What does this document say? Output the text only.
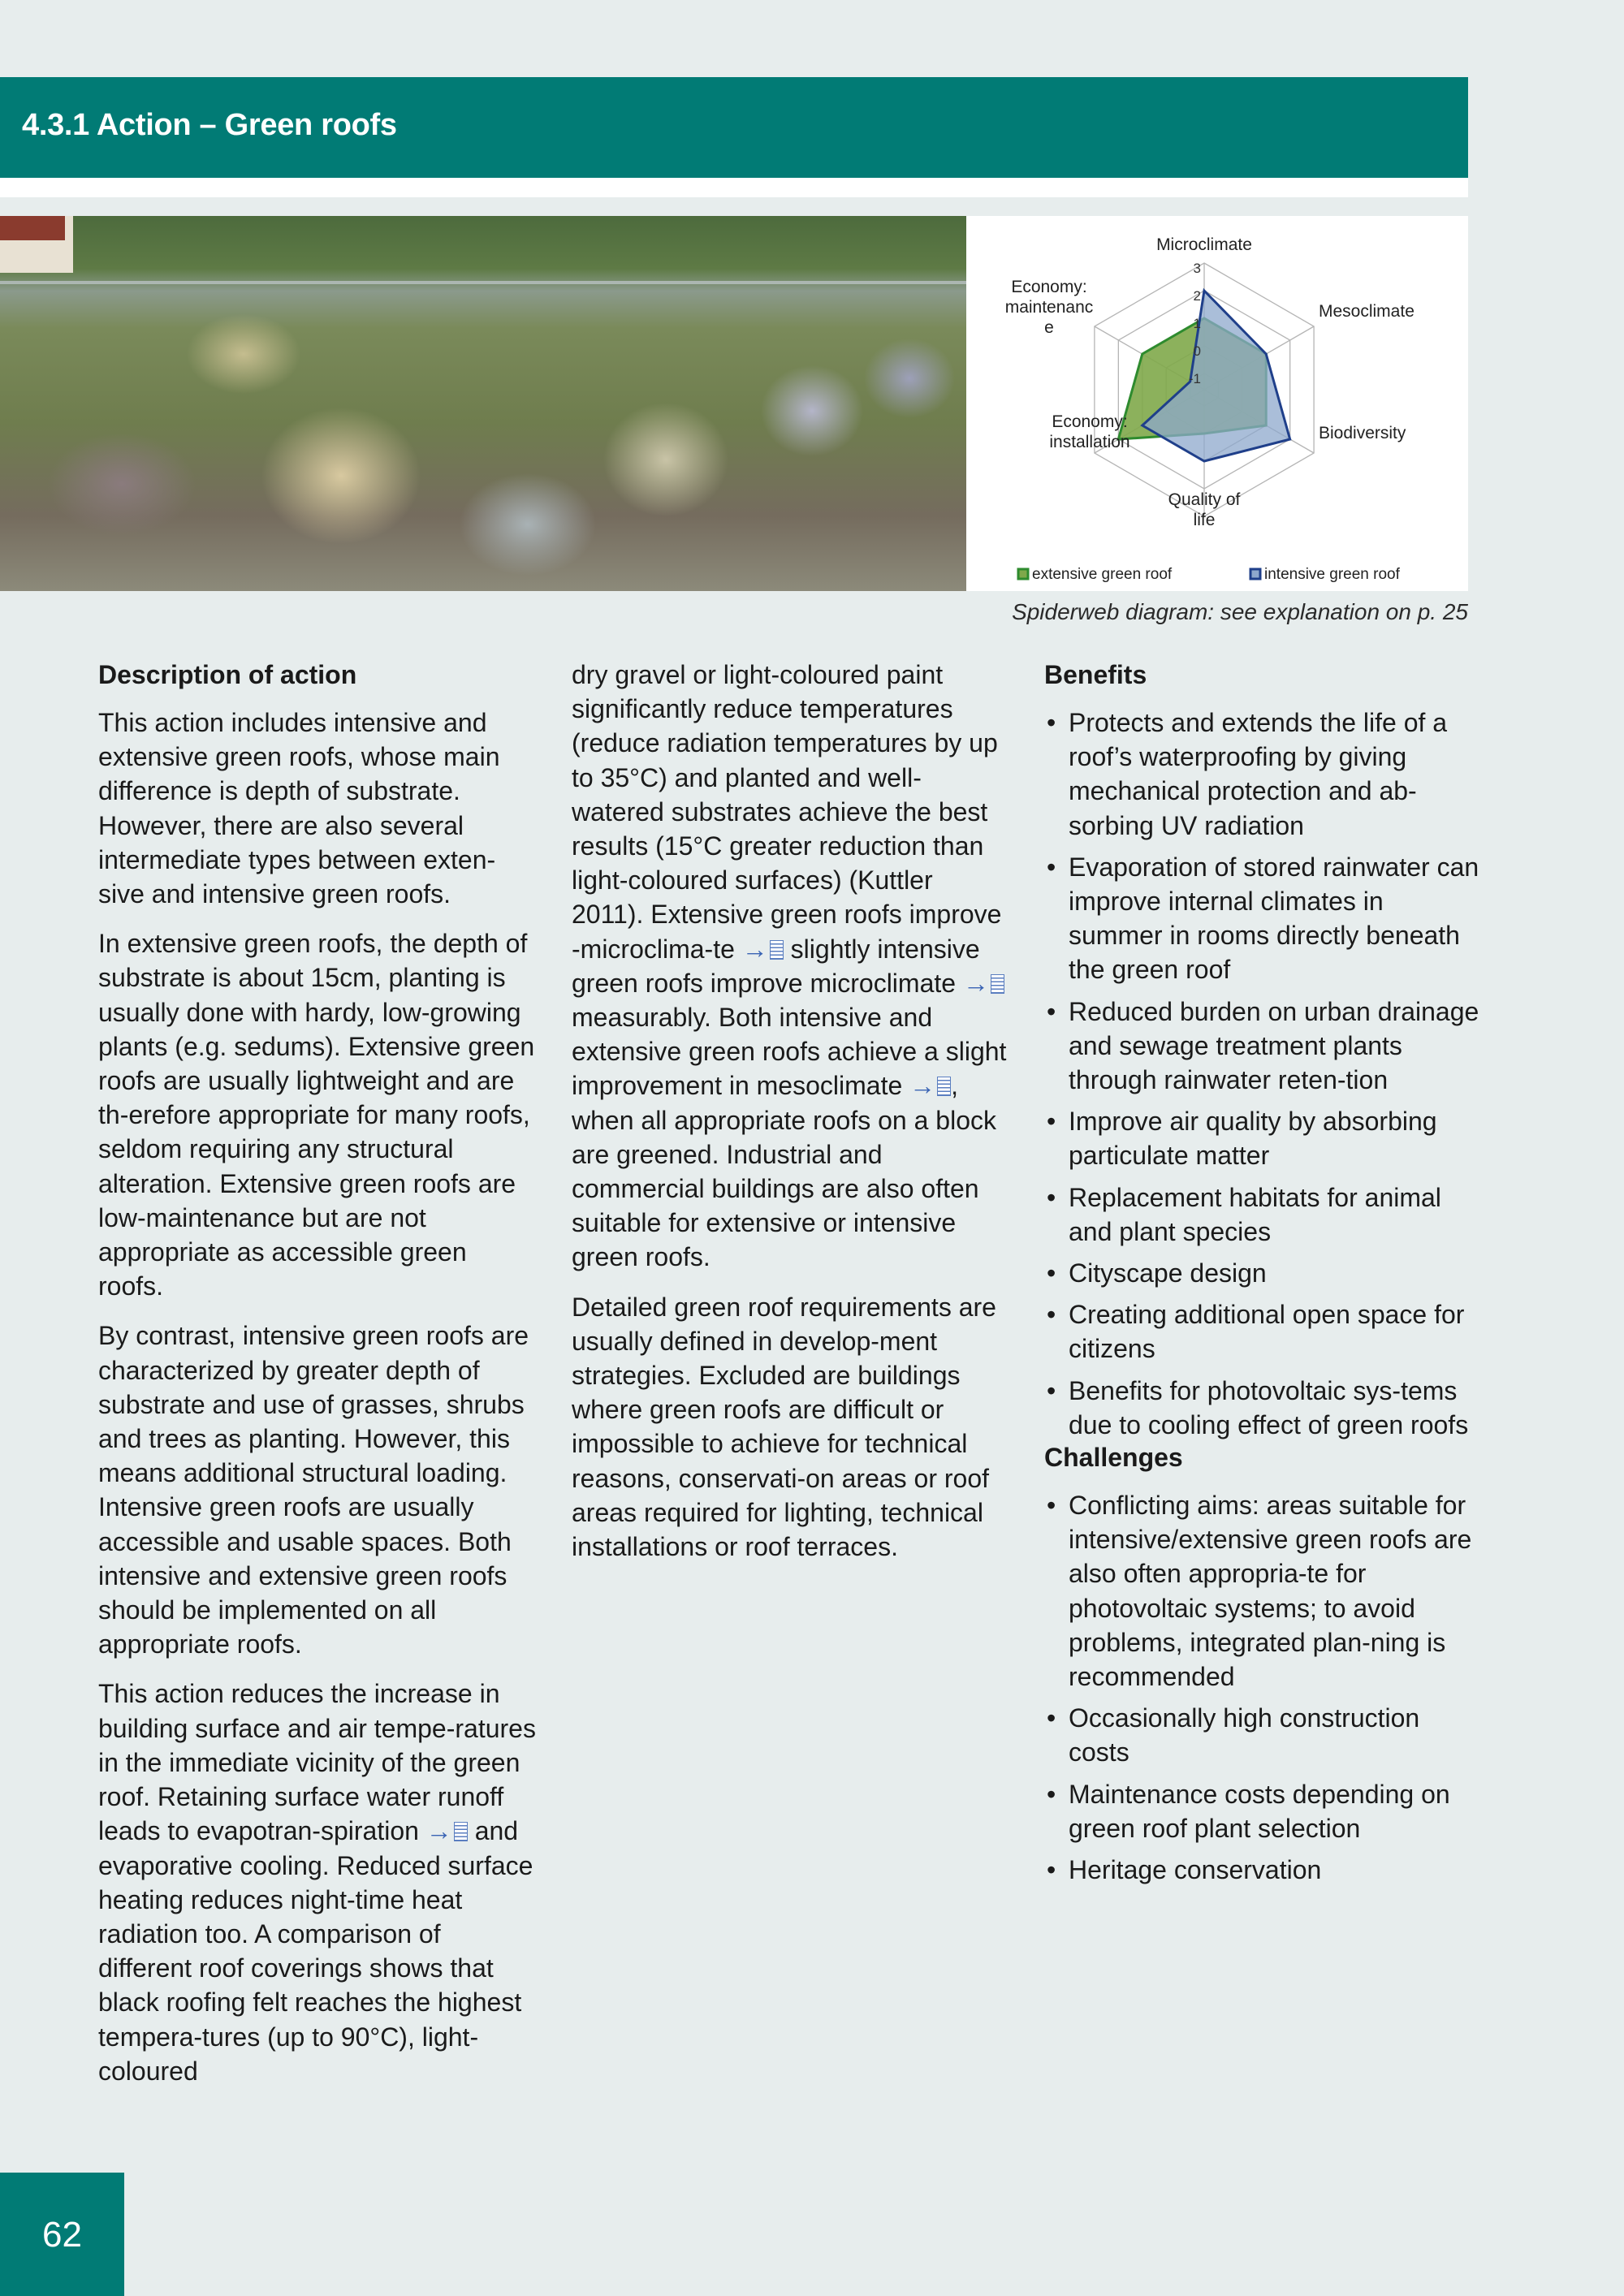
4.3.1 Action – Green roofs
-1
0
1
2
3
Microclimate
Mesoclimate
Biodiversity
Quality of
life
Economy:
installation
Economy:
maintenanc
e
extensive green roof	intensive green roof
Spiderweb diagram: see explanation on p. 25
Description of action

This action includes intensive and extensive green roofs, whose main difference is depth of substrate. However, there are also several intermediate types between exten-sive and intensive green roofs.

In extensive green roofs, the depth of substrate is about 15cm, planting is usually done with hardy, low-growing plants (e.g. sedums). Extensive green roofs are usually lightweight and are th-erefore appropriate for many roofs, seldom requiring any structural alteration. Extensive green roofs are low-maintenance but are not appropriate as accessible green roofs.

By contrast, intensive green roofs are characterized by greater depth of substrate and use of grasses, shrubs and trees as planting. However, this means additional structural loading. Intensive green roofs are usually accessible and usable spaces. Both intensive and extensive green roofs should be implemented on all appropriate roofs.

This action reduces the increase in building surface and air tempe-ratures in the immediate vicinity of the green roof. Retaining surface water runoff leads to evapotran-spiration → and evaporative cooling. Reduced surface heating reduces night-time heat radiation too. A comparison of different roof coverings shows that black roofing felt reaches the highest tempera-tures (up to 90°C), light-coloured

dry gravel or light-coloured paint significantly reduce temperatures (reduce radiation temperatures by up to 35°C) and planted and well-watered substrates achieve the best results (15°C greater reduction than light-coloured surfaces) (Kuttler 2011). Extensive green roofs improve -microclima-te → slightly intensive green roofs improve microclimate → measurably. Both intensive and extensive green roofs achieve a slight improvement in mesoclimate → , when all appropriate roofs on a block are greened. Industrial and commercial buildings are also often suitable for extensive or intensive green roofs.

Detailed green roof requirements are usually defined in develop-ment strategies. Excluded are buildings where green roofs are difficult or impossible to achieve for technical reasons, conservati-on areas or roof areas required for lighting, technical installations or roof terraces.

Benefits
• Protects and extends the life of a roof’s waterproofing by giving mechanical protection and ab-sorbing UV radiation
• Evaporation of stored rainwater can improve internal climates in summer in rooms directly beneath the green roof
• Reduced burden on urban drainage and sewage treatment plants through rainwater reten-tion
• Improve air quality by absorbing particulate matter
• Replacement habitats for animal and plant species
• Cityscape design
• Creating additional open space for citizens
• Benefits for photovoltaic sys-tems due to cooling effect of green roofs
Challenges
• Conflicting aims: areas suitable for intensive/extensive green roofs are also often appropria-te for photovoltaic systems; to avoid problems, integrated plan-ning is recommended
• Occasionally high construction costs
• Maintenance costs depending on green roof plant selection
• Heritage conservation
62
